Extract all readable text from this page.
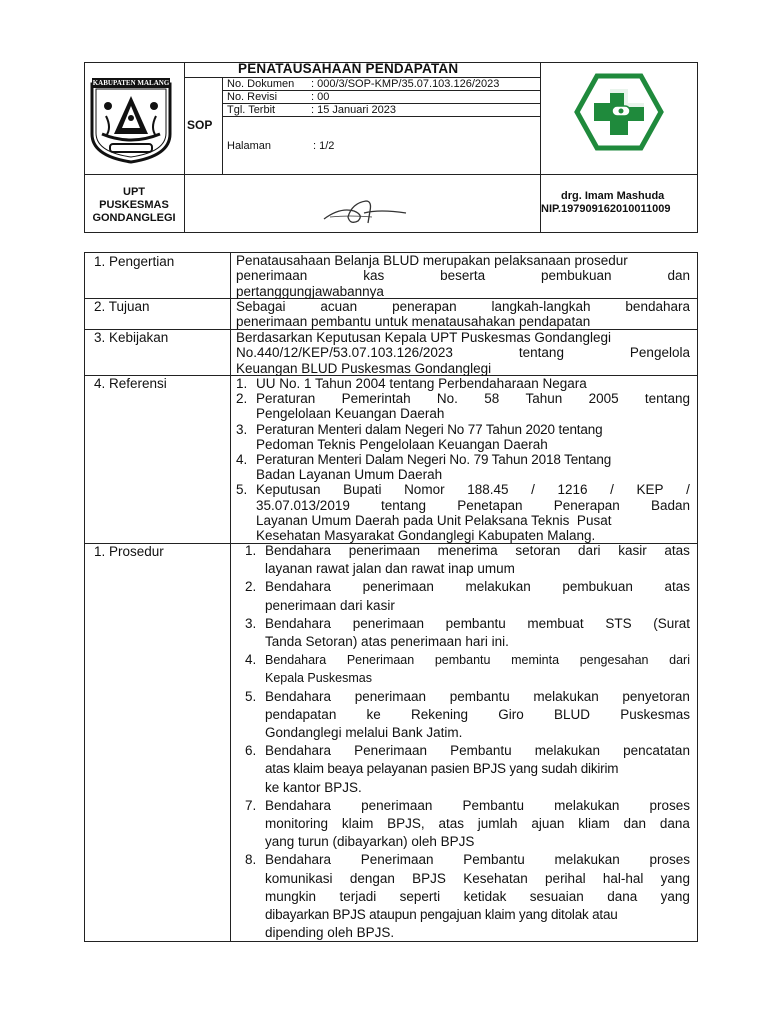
KABUPATEN MALANG
SOP
PENATAUSAHAAN PENDAPATAN
No. Dokumen : 000/3/SOP-KMP/35.07.103.126/2023
No. Revisi	: 00
Tgl. Terbit	: 15 Januari 2023
Halaman	: 1/2
UPT
PUSKESMAS
GONDANGLEGI
drg. Imam Mashuda
NIP.197909162010011009
1. Pengertian	Penatausahaan Belanja BLUD merupakan pelaksanaan prosedur
penerimaan	kas	beserta	pembukuan	dan
pertanggungjawabannya
2. Tujuan	Sebagai	acuan	penerapan	langkah-langkah	bendahara
penerimaan pembantu untuk menatausahakan pendapatan
3. Kebijakan	Berdasarkan Keputusan Kepala UPT Puskesmas Gondanglegi
No.440/12/KEP/53.07.103.126/2023	tentang	Pengelola
Keuangan BLUD Puskesmas Gondanglegi
4. Referensi	1. UU No. 1 Tahun 2004 tentang Perbendaharaan Negara
2. Peraturan Pemerintah No. 58 Tahun 2005 tentang
Pengelolaan Keuangan Daerah
3. Peraturan Menteri dalam Negeri No 77 Tahun 2020 tentang
Pedoman Teknis Pengelolaan Keuangan Daerah
4. Peraturan Menteri Dalam Negeri No. 79 Tahun 2018 Tentang
Badan Layanan Umum Daerah
5. Keputusan Bupati Nomor 188.45 / 1216 / KEP /
35.07.013/2019 tentang Penetapan Penerapan Badan
Layanan Umum Daerah pada Unit Pelaksana Teknis  Pusat
Kesehatan Masyarakat Gondanglegi Kabupaten Malang.
1. Prosedur	1. Bendahara penerimaan menerima setoran dari kasir atas
layanan rawat jalan dan rawat inap umum
2. Bendahara penerimaan melakukan pembukuan atas
penerimaan dari kasir
3. Bendahara penerimaan pembantu membuat STS (Surat
Tanda Setoran) atas penerimaan hari ini.
4. Bendahara Penerimaan pembantu meminta pengesahan dari
Kepala Puskesmas
5. Bendahara penerimaan pembantu melakukan penyetoran
pendapatan ke Rekening Giro BLUD Puskesmas
Gondanglegi melalui Bank Jatim.
6. Bendahara Penerimaan Pembantu melakukan pencatatan
atas klaim beaya pelayanan pasien BPJS yang sudah dikirim
ke kantor BPJS.
7. Bendahara penerimaan Pembantu melakukan proses
monitoring klaim BPJS, atas jumlah ajuan kliam dan dana
yang turun (dibayarkan) oleh BPJS
8. Bendahara Penerimaan Pembantu melakukan proses
komunikasi dengan BPJS Kesehatan perihal hal-hal yang
mungkin terjadi seperti ketidak sesuaian dana yang
dibayarkan BPJS ataupun pengajuan klaim yang ditolak atau
dipending oleh BPJS.
